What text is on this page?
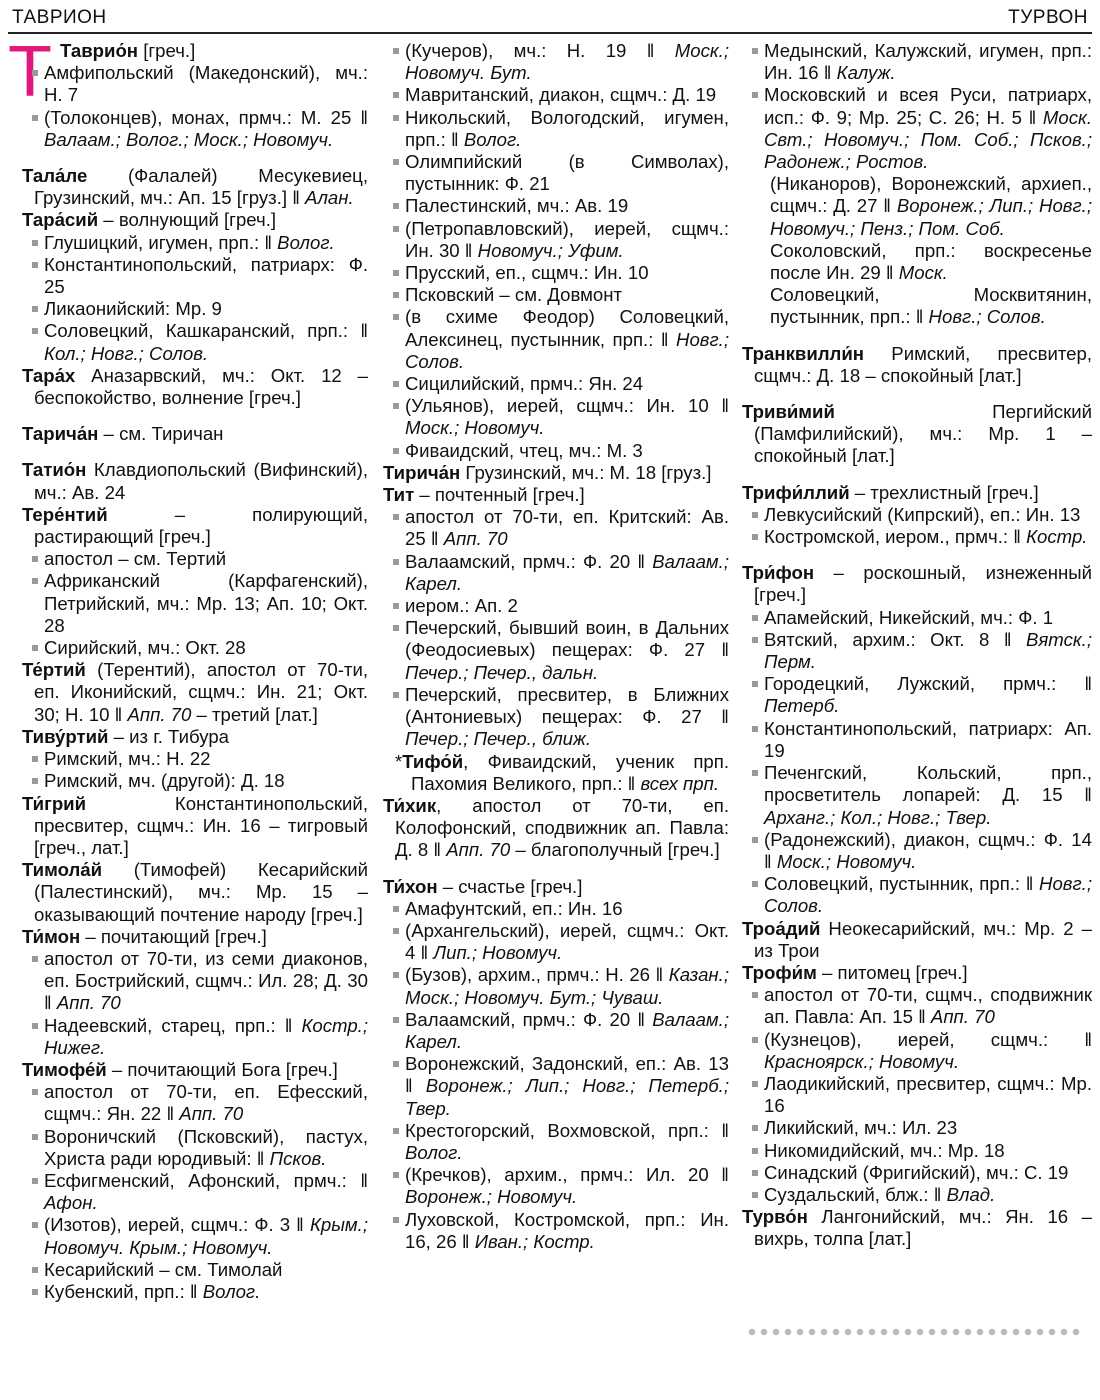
ТАВРИОН	ТУРВОН
Т Таврио́н [греч.]

Амфипольский (Македонский), мч.: Н. 7

(Толоконцев), монах, прмч.: М. 25 ‖ Валаам.; Волог.; Моск.; Новомуч.

Тала́ле (Фалалей) Месукевиец, Грузинский, мч.: Ап. 15 [груз.] ‖ Алан.

Тара́сий – волнующий [греч.]

Глушицкий, игумен, прп.: ‖ Волог.

Константинопольский, патриарх: Ф. 25

Ликаонийский: Мр. 9

Соловецкий, Кашкаранский, прп.: ‖ Кол.; Новг.; Солов.

Тара́х Аназарвский, мч.: Окт. 12 – беспокойство, волнение [греч.]

Тарича́н – см. Тиричан

Татио́н Клавдиопольский (Вифинский), мч.: Ав. 24

Тере́нтий – полирующий, растирающий [греч.]

апостол – см. Тертий

Африканский (Карфагенский), Петрийский, мч.: Мр. 13; Ап. 10; Окт. 28

Сирийский, мч.: Окт. 28

Те́ртий (Терентий), апостол от 70-ти, еп. Иконийский, сщмч.: Ин. 21; Окт. 30; Н. 10 ‖ Апп. 70 – третий [лат.]

Тиву́ртий – из г. Тибура

Римский, мч.: Н. 22

Римский, мч. (другой): Д. 18

Ти́грий Константинопольский, пресвитер, сщмч.: Ин. 16 – тигровый [греч., лат.]

Тимола́й (Тимофей) Кесарийский (Палестинский), мч.: Мр. 15 – оказывающий почтение народу [греч.]

Ти́мон – почитающий [греч.]

апостол от 70-ти, из семи диаконов, еп. Бострийский, сщмч.: Ил. 28; Д. 30 ‖ Апп. 70

Надеевский, старец, прп.: ‖ Костр.; Нижег.

Тимофе́й – почитающий Бога [греч.]

апостол от 70-ти, еп. Ефесский, сщмч.: Ян. 22 ‖ Апп. 70

Вороничский (Псковский), пастух, Христа ради юродивый: ‖ Псков.

Есфигменский, Афонский, прмч.: ‖ Афон.

(Изотов), иерей, сщмч.: Ф. 3 ‖ Крым.; Новомуч. Крым.; Новомуч.

Кесарийский – см. Тимолай

Кубенский, прп.: ‖ Волог.

(Кучеров), мч.: Н. 19 ‖ Моск.; Новомуч. Бут.

Мавританский, диакон, сщмч.: Д. 19

Никольский, Вологодский, игумен, прп.: ‖ Волог.

Олимпийский (в Символах), пустынник: Ф. 21

Палестинский, мч.: Ав. 19

(Петропавловский), иерей, сщмч.: Ин. 30 ‖ Новомуч.; Уфим.

Прусский, еп., сщмч.: Ин. 10

Псковский – см. Довмонт

(в схиме Феодор) Соловецкий, Алексинец, пустынник, прп.: ‖ Новг.; Солов.

Сицилийский, прмч.: Ян. 24

(Ульянов), иерей, сщмч.: Ин. 10 ‖ Моск.; Новомуч.

Фиваидский, чтец, мч.: М. 3

Тирича́н Грузинский, мч.: М. 18 [груз.]

Тит – почтенный [греч.]

апостол от 70-ти, еп. Критский: Ав. 25 ‖ Апп. 70

Валаамский, прмч.: Ф. 20 ‖ Валаам.; Карел.

иером.: Ап. 2

Печерский, бывший воин, в Дальних (Феодосиевых) пещерах: Ф. 27 ‖ Печер.; Печер., дальн.

Печерский, пресвитер, в Ближних (Антониевых) пещерах: Ф. 27 ‖ Печер.; Печер., ближ.

*Тифо́й, Фиваидский, ученик прп. Пахомия Великого, прп.: ‖ всех прп.

Ти́хик, апостол от 70-ти, еп. Колофонский, сподвижник ап. Павла: Д. 8 ‖ Апп. 70 – благополучный [греч.]

Ти́хон – счастье [греч.]

Амафунтский, еп.: Ин. 16

(Архангельский), иерей, сщмч.: Окт. 4 ‖ Лип.; Новомуч.

(Бузов), архим., прмч.: Н. 26 ‖ Казан.; Моск.; Новомуч. Бут.; Чуваш.

Валаамский, прмч.: Ф. 20 ‖ Валаам.; Карел.

Воронежский, Задонский, еп.: Ав. 13 ‖ Воронеж.; Лип.; Новг.; Петерб.; Твер.

Крестогорский, Вохмовской, прп.: ‖ Волог.

(Кречков), архим., прмч.: Ил. 20 ‖ Воронеж.; Новомуч.

Луховской, Костромской, прп.: Ин. 16, 26 ‖ Иван.; Костр.

Медынский, Калужский, игумен, прп.: Ин. 16 ‖ Калуж.

Московский и всея Руси, патриарх, исп.: Ф. 9; Мр. 25; С. 26; Н. 5 ‖ Моск. Свт.; Новомуч.; Пом. Соб.; Псков.; Радонеж.; Ростов.

(Никаноров), Воронежский, архиеп., сщмч.: Д. 27 ‖ Воронеж.; Лип.; Новг.; Новомуч.; Пенз.; Пом. Соб.

Соколовский, прп.: воскресенье после Ин. 29 ‖ Моск.

Соловецкий, Москвитянин, пустынник, прп.: ‖ Новг.; Солов.

Транквилли́н Римский, пресвитер, сщмч.: Д. 18 – спокойный [лат.]

Триви́мий Пергийский (Памфилийский), мч.: Мр. 1 – спокойный [лат.]

Трифи́ллий – трехлистный [греч.]

Левкусийский (Кипрский), еп.: Ин. 13

Костромской, иером., прмч.: ‖ Костр.

Три́фон – роскошный, изнеженный [греч.]

Апамейский, Никейский, мч.: Ф. 1

Вятский, архим.: Окт. 8 ‖ Вятск.; Перм.

Городецкий, Лужский, прмч.: ‖ Петерб.

Константинопольский, патриарх: Ап. 19

Печенгский, Кольский, прп., просветитель лопарей: Д. 15 ‖ Арханг.; Кол.; Новг.; Твер.

(Радонежский), диакон, сщмч.: Ф. 14 ‖ Моск.; Новомуч.

Соловецкий, пустынник, прп.: ‖ Новг.; Солов.

Троа́дий Неокесарийский, мч.: Мр. 2 – из Трои

Трофи́м – питомец [греч.]

апостол от 70-ти, сщмч., сподвижник ап. Павла: Ап. 15 ‖ Апп. 70

(Кузнецов), иерей, сщмч.: ‖ Красноярск.; Новомуч.

Лаодикийский, пресвитер, сщмч.: Мр. 16

Ликийский, мч.: Ил. 23

Никомидийский, мч.: Мр. 18

Синадский (Фригийский), мч.: С. 19

Суздальский, блж.: ‖ Влад.

Турво́н Лангонийский, мч.: Ян. 16 – вихрь, толпа [лат.]
